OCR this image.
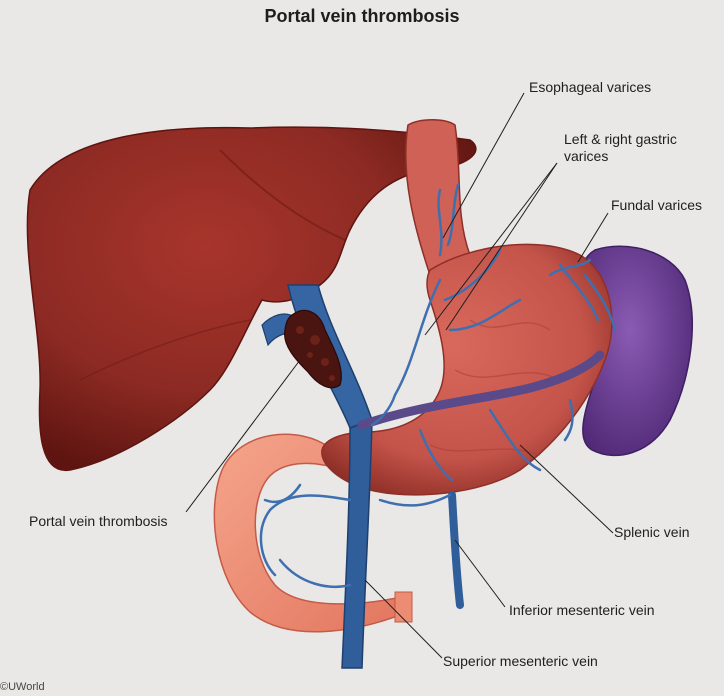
Portal vein thrombosis
Esophageal varices
Left & right gastric varices
Fundal varices
Portal vein thrombosis
Splenic vein
Inferior mesenteric vein
Superior mesenteric vein
©UWorld
